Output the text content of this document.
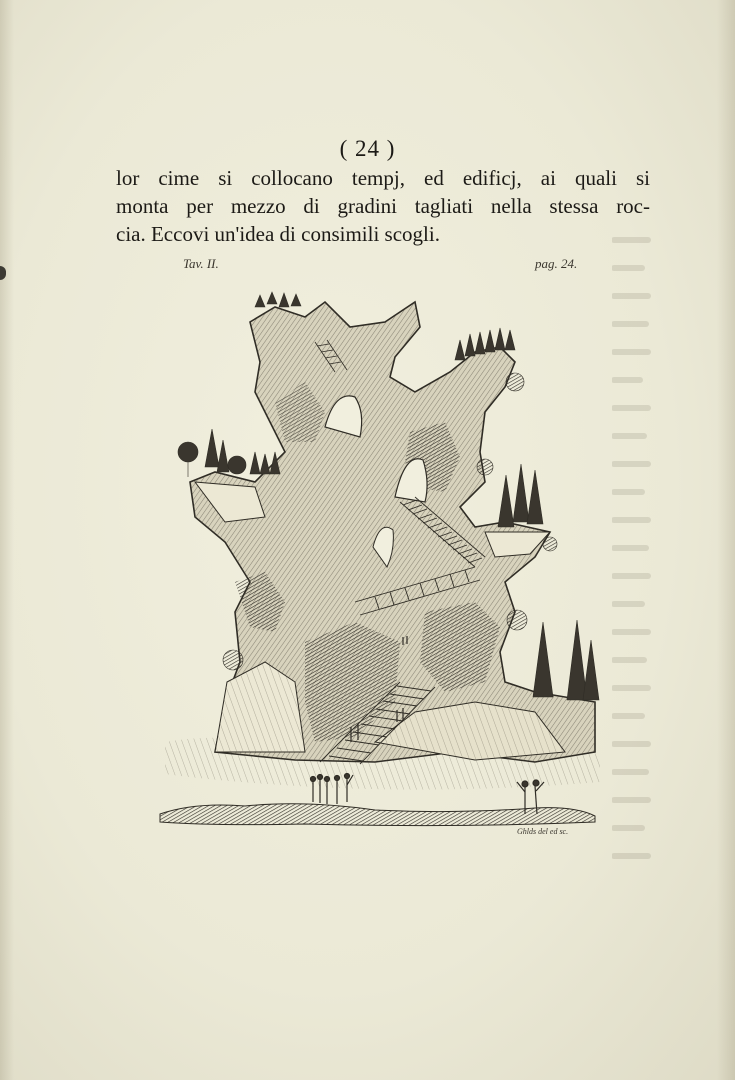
( 24 )
lor cime si collocano tempj, ed edificj, ai quali si
monta per mezzo di gradini tagliati nella stessa roc-
cia. Eccovi un'idea di consimili scogli.
Tav. II.	pag. 24.
Ghlds del ed sc.
